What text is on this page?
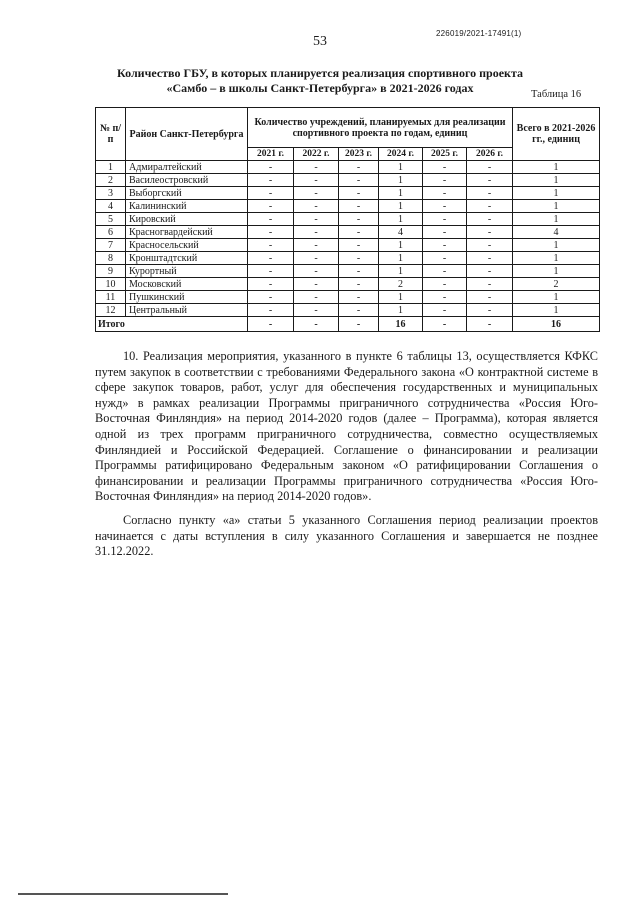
53
226019/2021-17491(1)
Количество ГБУ, в которых планируется реализация спортивного проекта
«Самбо – в школы Санкт-Петербурга» в 2021-2026 годах	Таблица 16
№ п/п	Район Санкт-Петербурга	Количество учреждений, планируемых для реализации спортивного проекта по годам, единиц						Всего в 2021-2026 гг., единиц
		2021 г.	2022 г.	2023 г.	2024 г.	2025 г.	2026 г.	
1	Адмиралтейский	-	-	-	1	-	-	1
2	Василеостровский	-	-	-	1	-	-	1
3	Выборгский	-	-	-	1	-	-	1
4	Калининский	-	-	-	1	-	-	1
5	Кировский	-	-	-	1	-	-	1
6	Красногвардейский	-	-	-	4	-	-	4
7	Красносельский	-	-	-	1	-	-	1
8	Кронштадтский	-	-	-	1	-	-	1
9	Курортный	-	-	-	1	-	-	1
10	Московский	-	-	-	2	-	-	2
11	Пушкинский	-	-	-	1	-	-	1
12	Центральный	-	-	-	1	-	-	1
Итого		-	-	-	16	-	-	16

10. Реализация мероприятия, указанного в пункте 6 таблицы 13, осуществляется КФКС путем закупок в соответствии с требованиями Федерального закона «О контрактной системе в сфере закупок товаров, работ, услуг для обеспечения государственных и муниципальных нужд» в рамках реализации Программы приграничного сотрудничества «Россия Юго-Восточная Финляндия» на период 2014-2020 годов (далее – Программа), которая является одной из трех программ приграничного сотрудничества, совместно осуществляемых Финляндией и Российской Федерацией. Соглашение о финансировании и реализации Программы ратифицировано Федеральным законом «О ратифицировании Соглашения о финансировании и реализации Программы приграничного сотрудничества «Россия Юго-Восточная Финляндия» на период 2014-2020 годов».

Согласно пункту «а» статьи 5 указанного Соглашения период реализации проектов начинается с даты вступления в силу указанного Соглашения и завершается не позднее 31.12.2022.
